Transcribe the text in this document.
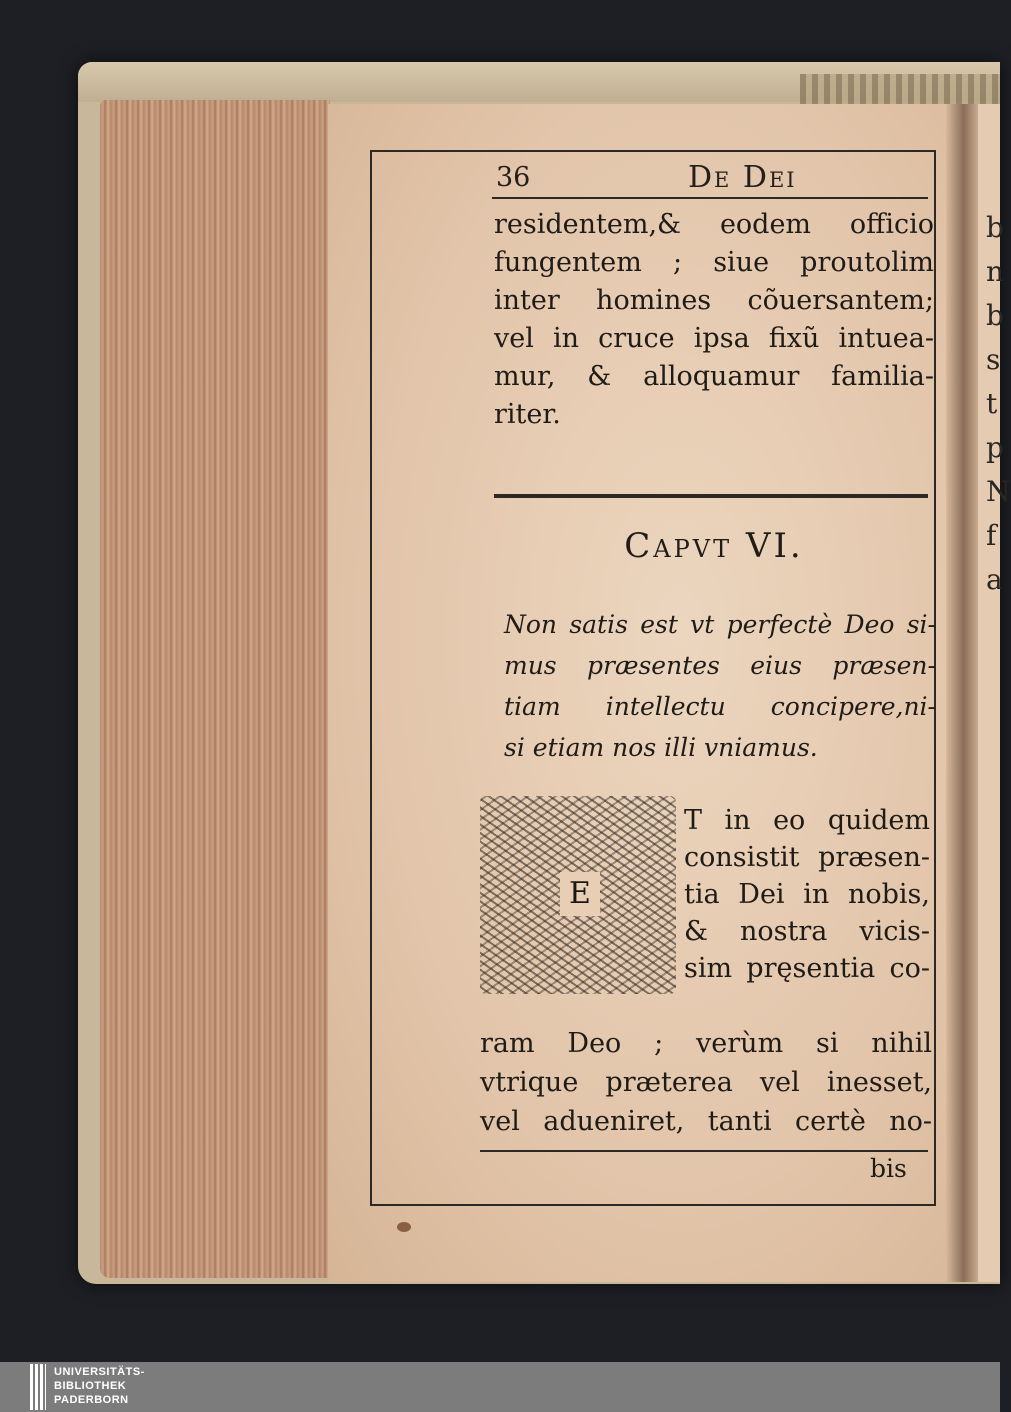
b
n
b
s
t
p
N
f
a
36	De Dei
residentem,& eodem officio
fungentem ; siue proutolim
inter homines cõuersantem;
vel in cruce ipsa fixũ intuea-
mur, & alloquamur familia-
riter.
Capvt VI.
Non satis est vt perfectè Deo si-
mus præsentes eius præsen-
tiam intellectu concipere,ni-
si etiam nos illi vniamus.
E
T in eo quidem
consistit præsen-
tia Dei in nobis,
& nostra vicis-
sim pręsentia co-
ram Deo ; verùm si nihil
vtrique præterea vel inesset,
vel adueniret, tanti certè no-
bis
UNIVERSITÄTS-
BIBLIOTHEK
PADERBORN
